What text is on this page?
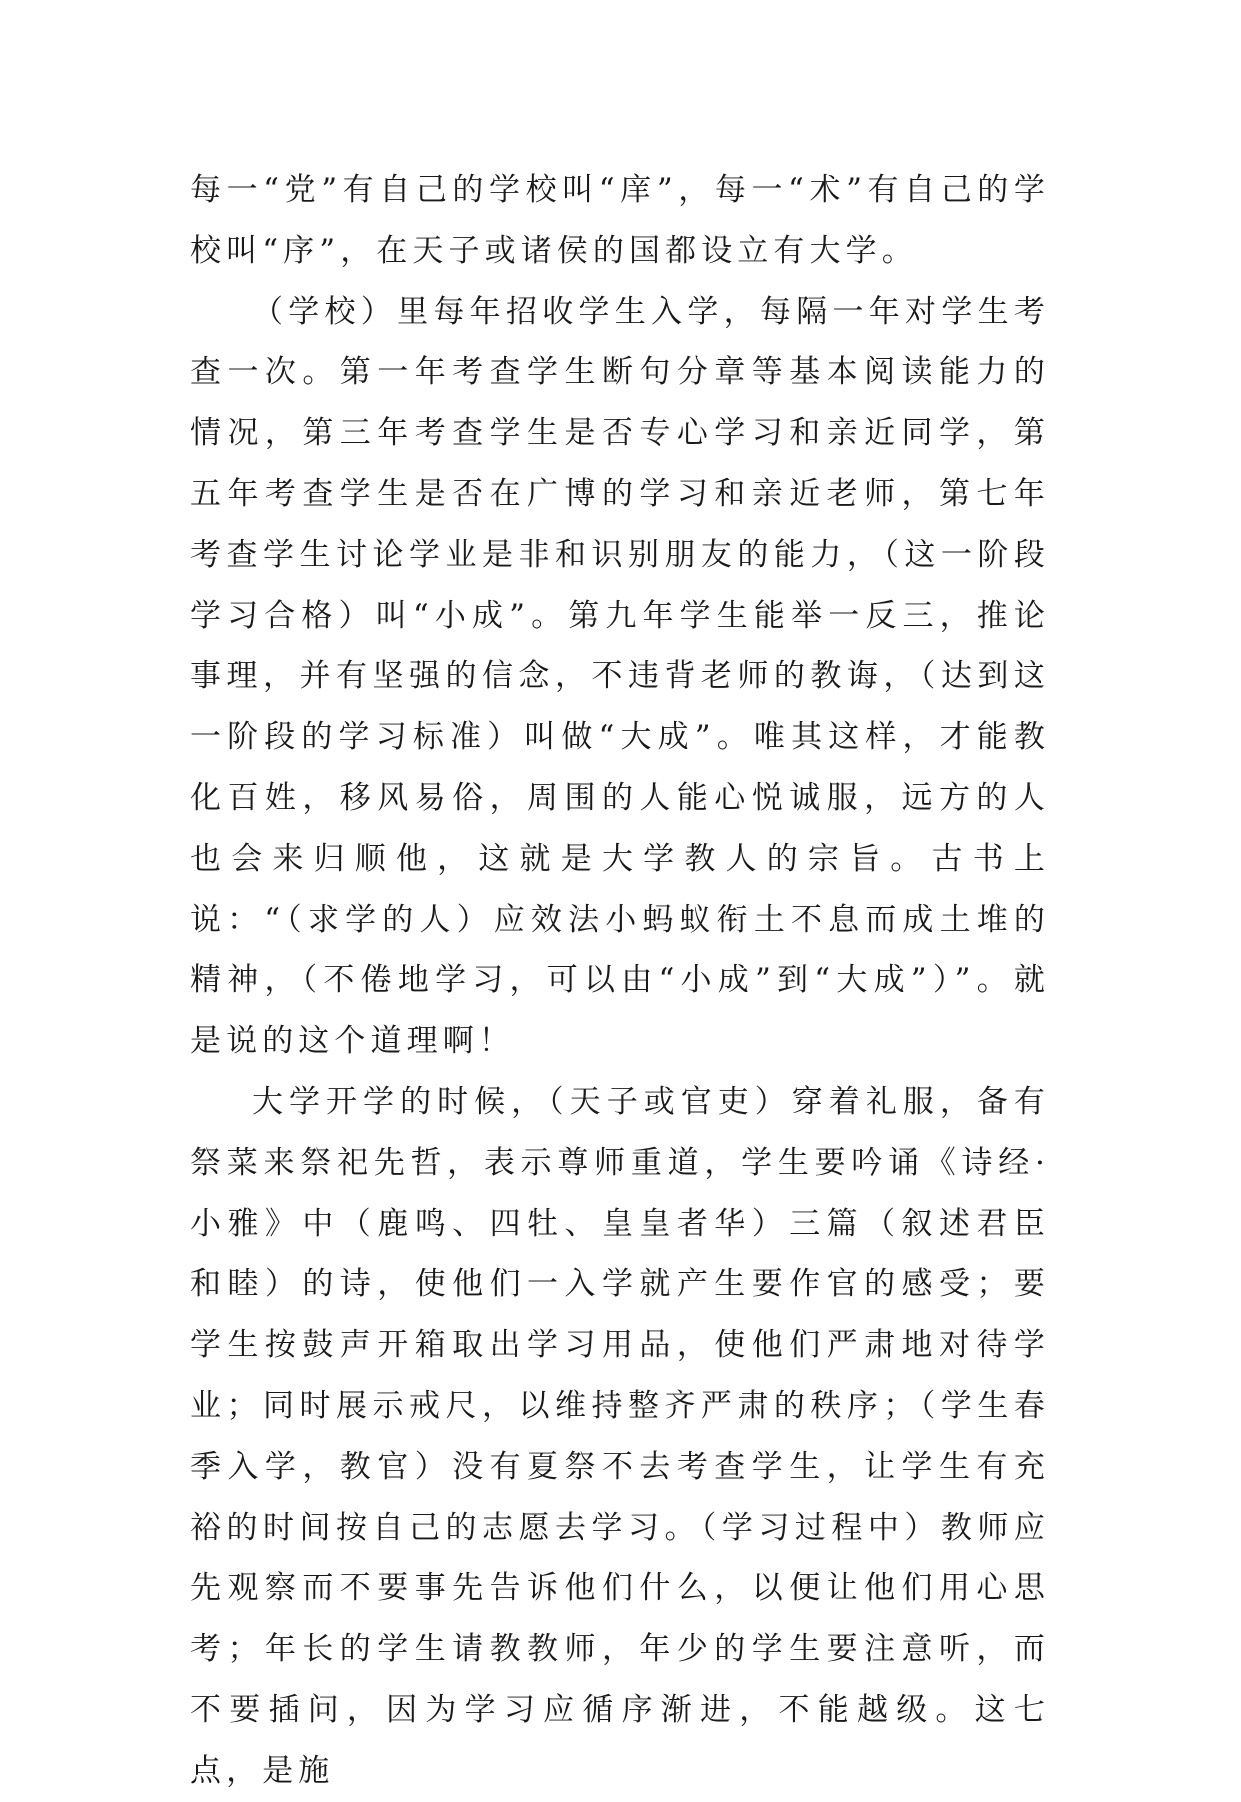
每一“党”有自己的学校叫“庠”，每一“术”有自己的学校叫“序”，在天子或诸侯的国都设立有大学。

（学校）里每年招收学生入学，每隔一年对学生考查一次。第一年考查学生断句分章等基本阅读能力的情况，第三年考查学生是否专心学习和亲近同学，第五年考查学生是否在广博的学习和亲近老师，第七年考查学生讨论学业是非和识别朋友的能力，（这一阶段学习合格）叫“小成”。第九年学生能举一反三，推论事理，并有坚强的信念，不违背老师的教诲，（达到这一阶段的学习标准）叫做“大成”。唯其这样，才能教化百姓，移风易俗，周围的人能心悦诚服，远方的人也会来归顺他，这就是大学教人的宗旨。古书上说：“（求学的人）应效法小蚂蚁衔土不息而成土堆的精神，（不倦地学习，可以由“小成”到“大成”）”。就是说的这个道理啊！

大学开学的时候，（天子或官吏）穿着礼服，备有祭菜来祭祀先哲，表示尊师重道，学生要吟诵《诗经·小雅》中（鹿鸣、四牡、皇皇者华）三篇（叙述君臣和睦）的诗，使他们一入学就产生要作官的感受；要学生按鼓声开箱取出学习用品，使他们严肃地对待学业；同时展示戒尺，以维持整齐严肃的秩序；（学生春季入学，教官）没有夏祭不去考查学生，让学生有充裕的时间按自己的志愿去学习。（学习过程中）教师应先观察而不要事先告诉他们什么，以便让他们用心思考；年长的学生请教教师，年少的学生要注意听，而不要插问，因为学习应循序渐进，不能越级。这七点，是施
